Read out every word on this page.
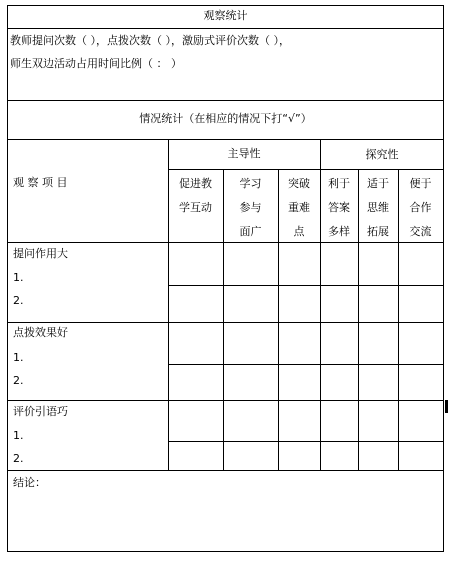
观察统计
教师提问次数（ ），点拨次数（ ），激励式评价次数（ ），
师生双边活动占用时间比例（ ： ）
情况统计（在相应的情况下打“√”）
主导性	探究性
观 察 项 目	促进教
学互动
学习
参与
面广
突破
重难
点
利于
答案
多样
适于
思维
拓展
便于
合作
交流
提问作用大
1.
2.
点拨效果好
1.
2.
评价引语巧
1.
2.
结论：
